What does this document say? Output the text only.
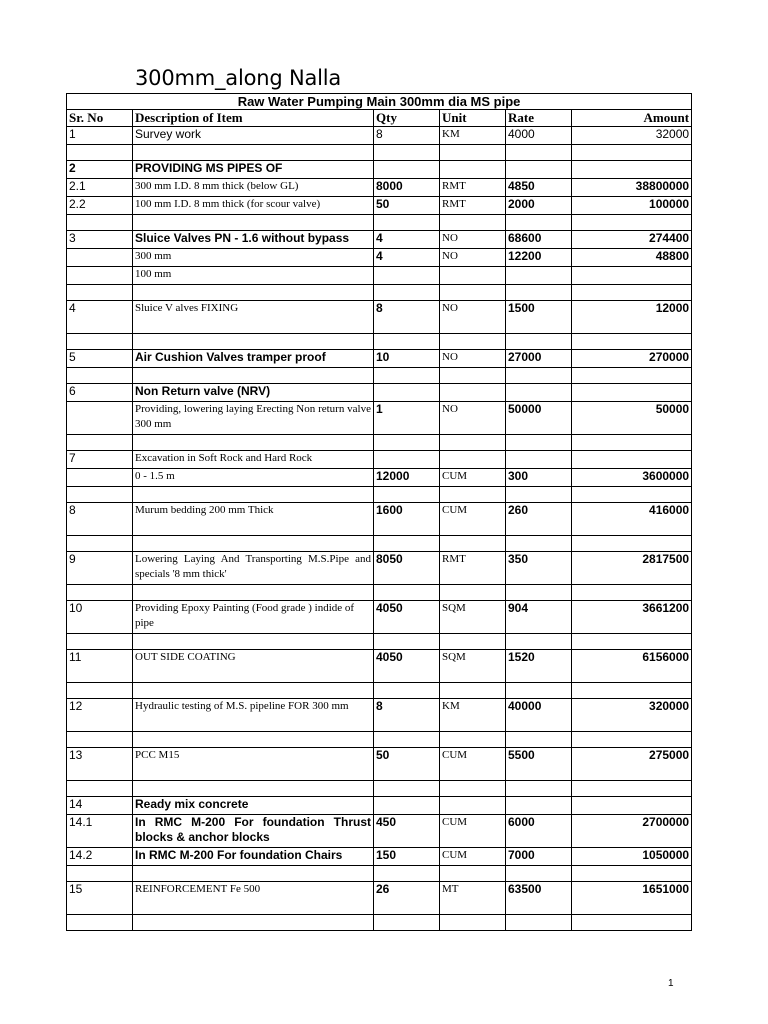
300mm_along Nalla
Raw Water Pumping Main 300mm dia MS pipe					
Sr. No	Description of Item	Qty	Unit	Rate	Amount
1	Survey work	8	KM	4000	32000

2	PROVIDING MS PIPES OF				
2.1	300 mm I.D. 8 mm thick (below GL)	8000	RMT	4850	38800000
2.2	100 mm I.D. 8 mm thick (for scour valve)	50	RMT	2000	100000

3	Sluice Valves PN - 1.6 without bypass	4	NO	68600	274400
	300 mm	4	NO	12200	48800
	100 mm				

4	Sluice V alves FIXING	8	NO	1500	12000

5	Air Cushion Valves tramper proof	10	NO	27000	270000

6	Non Return valve (NRV)				
	Providing, lowering laying Erecting Non return valve 300 mm	1	NO	50000	50000

7	Excavation in Soft Rock and Hard Rock				
	0 - 1.5 m	12000	CUM	300	3600000

8	Murum bedding 200 mm Thick	1600	CUM	260	416000

9	Lowering Laying And Transporting M.S.Pipe and specials '8 mm thick'	8050	RMT	350	2817500

10	Providing Epoxy Painting (Food grade ) indide of pipe	4050	SQM	904	3661200

11	OUT SIDE COATING	4050	SQM	1520	6156000

12	Hydraulic testing of M.S. pipeline FOR 300 mm	8	KM	40000	320000

13	PCC M15	50	CUM	5500	275000

14	Ready mix concrete				
14.1	In RMC M-200 For foundation Thrust blocks & anchor blocks	450	CUM	6000	2700000
14.2	In RMC M-200 For foundation Chairs	150	CUM	7000	1050000

15	REINFORCEMENT Fe 500	26	MT	63500	1651000

1
